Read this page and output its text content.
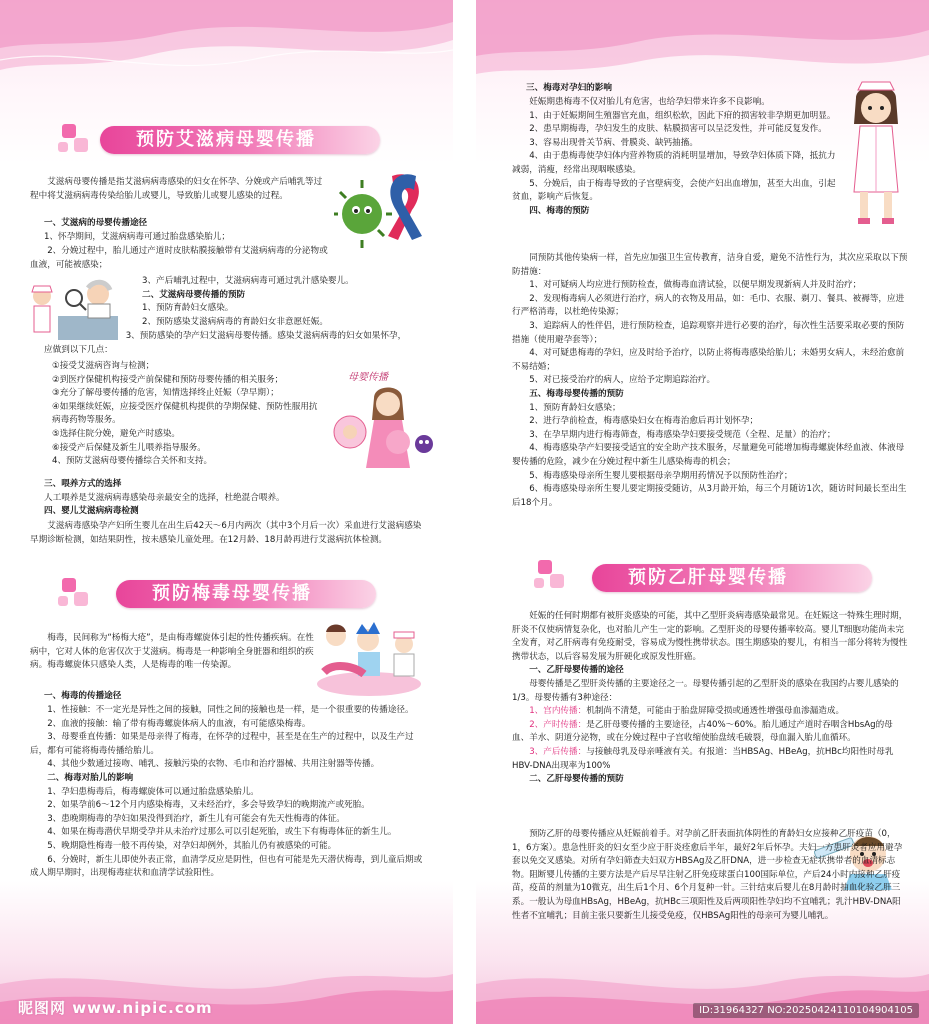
预防艾滋病母婴传播

艾滋病母婴传播是指艾滋病病毒感染的妇女在怀孕、分娩或产后哺乳等过程中将艾滋病病毒传染给胎儿或婴儿，导致胎儿或婴儿感染的过程。

一、艾滋病的母婴传播途径

1、怀孕期间，艾滋病病毒可通过胎盘感染胎儿；

2、分娩过程中，胎儿通过产道时皮肤粘膜接触带有艾滋病病毒的分泌物或血液，可能被感染；

3、产后哺乳过程中，艾滋病病毒可通过乳汁感染婴儿。

二、艾滋病母婴传播的预防

1、预防育龄妇女感染。

2、预防感染艾滋病病毒的育龄妇女非意愿妊娠。

3、预防感染的孕产妇艾滋病母婴传播。感染艾滋病病毒的妇女如果怀孕，应做到以下几点：

①接受艾滋病咨询与检测；

②到医疗保健机构接受产前保健和预防母婴传播的相关服务；

③充分了解母婴传播的危害，知情选择终止妊娠（孕早期）；

④如果继续妊娠，应接受医疗保健机构提供的孕期保健、预防性服用抗病毒药物等服务。

⑤选择住院分娩，避免产时感染。

⑥接受产后保健及新生儿喂养指导服务。

4、预防艾滋病母婴传播综合关怀和支持。

母婴传播

三、喂养方式的选择

人工喂养是艾滋病病毒感染母亲最安全的选择，杜绝混合喂养。

四、婴儿艾滋病病毒检测

艾滋病毒感染孕产妇所生婴儿在出生后42天～6月内两次（其中3个月后一次）采血进行艾滋病感染早期诊断检测，如结果阴性，按未感染儿童处理。在12月龄、18月龄再进行艾滋病抗体检测。

预防梅毒母婴传播

梅毒，民间称为“杨梅大疮”，是由梅毒螺旋体引起的性传播疾病。在性病中，它对人体的危害仅次于艾滋病。梅毒是一种影响全身脏器和组织的疾病。梅毒螺旋体只感染人类，人是梅毒的唯一传染源。

一、梅毒的传播途径

1、性接触：不一定光是异性之间的接触，同性之间的接触也是一样，是一个很重要的传播途径。

2、血液的接触：输了带有梅毒螺旋体病人的血液，有可能感染梅毒。

3、母婴垂直传播：如果是母亲得了梅毒，在怀孕的过程中，甚至是在生产的过程中，以及生产过后，都有可能将梅毒传播给胎儿。

4、其他少数通过接吻、哺乳、接触污染的衣物、毛巾和治疗器械、共用注射器等传播。

二、梅毒对胎儿的影响

1、孕妇患梅毒后，梅毒螺旋体可以通过胎盘感染胎儿。

2、如果孕前6～12个月内感染梅毒，又未经治疗，多会导致孕妇的晚期流产或死胎。

3、患晚期梅毒的孕妇如果没得到治疗，新生儿有可能会有先天性梅毒的体征。

4、如果在梅毒潜伏早期受孕并从未治疗过那么可以引起死胎，或生下有梅毒体征的新生儿。

5、晚期隐性梅毒一般不再传染，对孕妇却例外，其胎儿仍有被感染的可能。

6、分娩时，新生儿即使外表正常，血清学反应是阴性，但也有可能是先天潜伏梅毒，到儿童后期或成人期早期时，出现梅毒症状和血清学试验阳性。

昵图网 www.nipic.com

三、梅毒对孕妇的影响

妊娠期患梅毒不仅对胎儿有危害，也给孕妇带来许多不良影响。

1、由于妊娠期间生殖器官充血，组织松软，因此下疳的损害较非孕期更加明显。

2、患早期梅毒，孕妇发生的皮肤、粘膜损害可以呈泛发性，并可能反复发作。

3、容易出现骨关节病、骨膜炎、缺钙抽搐。

4、由于患梅毒使孕妇体内营养物质的消耗明显增加，导致孕妇体质下降，抵抗力减弱，消瘦，经常出现咽喉感染。

5、分娩后，由于梅毒导致的子宫壁病变，会使产妇出血增加，甚至大出血，引起贫血，影响产后恢复。

四、梅毒的预防

同预防其他传染病一样，首先应加强卫生宣传教育，洁身自爱，避免不洁性行为，其次应采取以下预防措施：

1、对可疑病人均应进行预防检查，做梅毒血清试验，以便早期发现新病人并及时治疗；

2、发现梅毒病人必须进行治疗，病人的衣物及用品，如：毛巾、衣服、剃刀、餐具、被褥等，应进行严格消毒，以杜绝传染源；

3、追踪病人的性伴侣，进行预防检查，追踪观察并进行必要的治疗，每次性生活要采取必要的预防措施（使用避孕套等）；

4、对可疑患梅毒的孕妇，应及时给予治疗，以防止将梅毒感染给胎儿；未婚男女病人，未经治愈前不易结婚；

5、对已接受治疗的病人，应给予定期追踪治疗。

五、梅毒母婴传播的预防

1、预防育龄妇女感染；

2、进行孕前检查，梅毒感染妇女在梅毒治愈后再计划怀孕；

3、在孕早期内进行梅毒筛查，梅毒感染孕妇要接受规范（全程、足量）的治疗；

4、梅毒感染孕产妇要接受适宜的安全助产技术服务，尽量避免可能增加梅毒螺旋体经血液、体液母婴传播的危险，减少在分娩过程中新生儿感染梅毒的机会；

5、梅毒感染母亲所生婴儿要根据母亲孕期用药情况予以预防性治疗；

6、梅毒感染母亲所生婴儿要定期接受随访，从3月龄开始，每三个月随访1次，随访时间最长至出生后18个月。

预防乙肝母婴传播

妊娠的任何时期都有被肝炎感染的可能，其中乙型肝炎病毒感染最常见。在妊娠这一特殊生理时期，肝炎不仅使病情复杂化，也对胎儿产生一定的影响。乙型肝炎的母婴传播率较高。婴儿T细胞功能尚未完全发育，对乙肝病毒有免疫耐受，容易成为慢性携带状态。围生期感染的婴儿，有相当一部分将转为慢性携带状态，以后容易发展为肝硬化或原发性肝癌。

一、乙肝母婴传播的途径

母婴传播是乙型肝炎传播的主要途径之一。母婴传播引起的乙型肝炎的感染在我国约占婴儿感染的1/3。母婴传播有3种途径：

1、宫内传播：机制尚不清楚，可能由于胎盘屏障受损或通透性增强母血渗漏造成。

2、产时传播：是乙肝母婴传播的主要途径，占40%～60%。胎儿通过产道时吞咽含HbsAg的母血、羊水、阴道分泌物，或在分娩过程中子宫收缩使胎盘绒毛破裂，母血漏入胎儿血循环。

3、产后传播：与接触母乳及母亲唾液有关。有报道：当HBSAg、HBeAg，抗HBc均阳性时母乳HBV-DNA出现率为100%

二、乙肝母婴传播的预防

预防乙肝的母婴传播应从妊娠前着手。对孕前乙肝表面抗体阴性的育龄妇女应接种乙肝疫苗（0，1，6方案）。患急性肝炎的妇女至少应于肝炎痊愈后半年，最好2年后怀孕。夫妇一方患肝炎者应用避孕套以免交叉感染。对所有孕妇筛查夫妇双方HBSAg及乙肝DNA，进一步检查无症状携带者的血清标志物。阻断婴儿传播的主要方法是产后尽早注射乙肝免疫球蛋白100国际单位，产后24小时内接种乙肝疫苗，疫苗的剂量为10微克，出生后1个月、6个月复种一针。三针结束后婴儿在8月龄时抽血化验乙肝三系。一般认为母血HBsAg，HBeAg，抗HBc三项阳性及后两项阳性孕妇均不宜哺乳；乳汁HBV-DNA阳性者不宜哺乳；目前主张只要新生儿接受免疫，仅HBSAg阳性的母亲可为婴儿哺乳。

ID:31964327 NO:20250424110104904105
